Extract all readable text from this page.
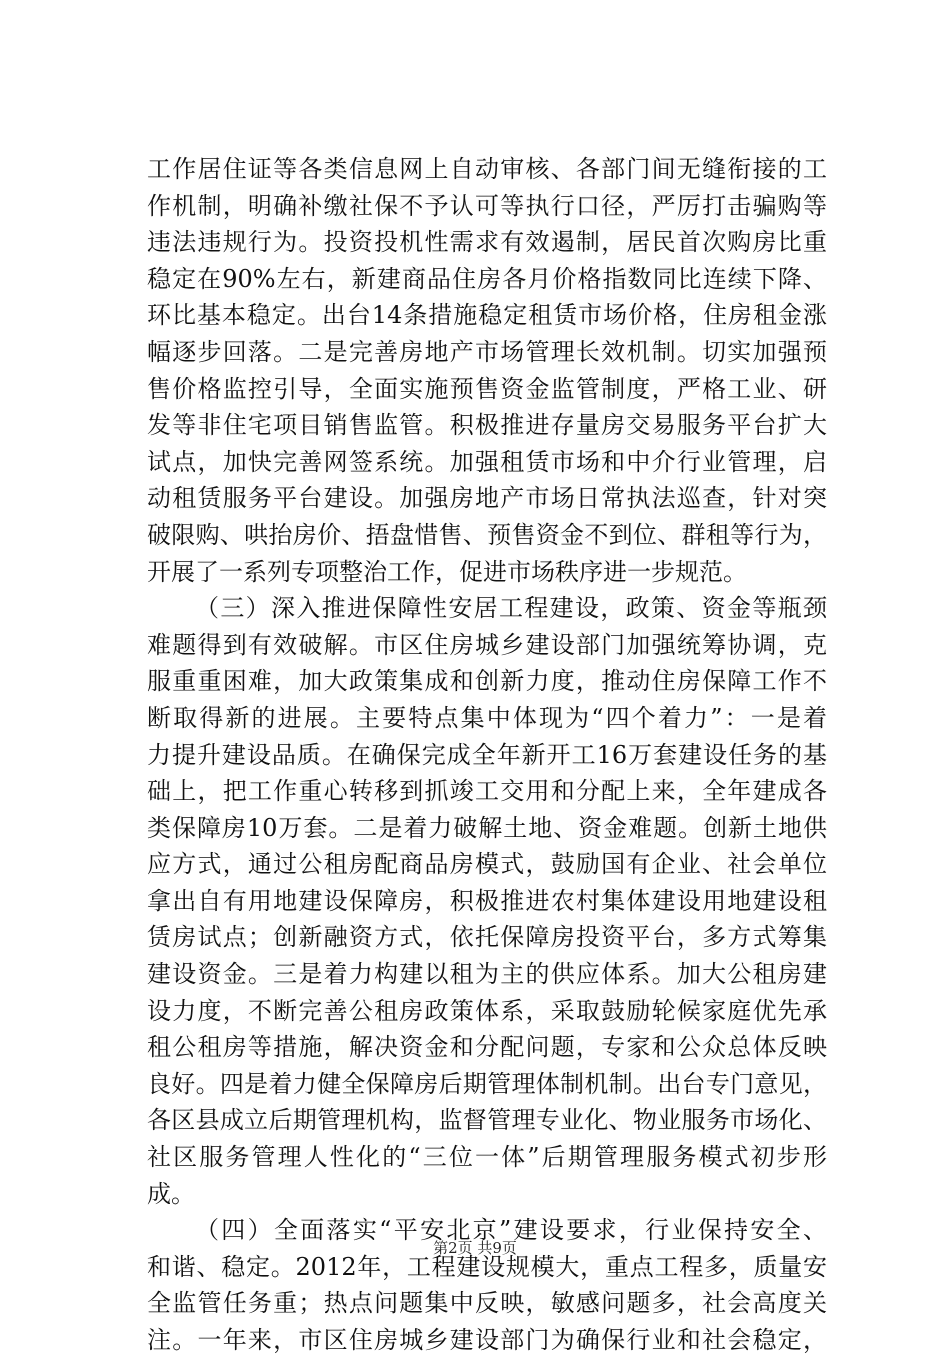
工作居住证等各类信息网上自动审核、各部门间无缝衔接的工
作机制，明确补缴社保不予认可等执行口径，严厉打击骗购等
违法违规行为。投资投机性需求有效遏制，居民首次购房比重
稳定在90%左右，新建商品住房各月价格指数同比连续下降、
环比基本稳定。出台14条措施稳定租赁市场价格，住房租金涨
幅逐步回落。二是完善房地产市场管理长效机制。切实加强预
售价格监控引导，全面实施预售资金监管制度，严格工业、研
发等非住宅项目销售监管。积极推进存量房交易服务平台扩大
试点，加快完善网签系统。加强租赁市场和中介行业管理，启
动租赁服务平台建设。加强房地产市场日常执法巡查，针对突
破限购、哄抬房价、捂盘惜售、预售资金不到位、群租等行为，
开展了一系列专项整治工作，促进市场秩序进一步规范。
（三）深入推进保障性安居工程建设，政策、资金等瓶颈
难题得到有效破解。市区住房城乡建设部门加强统筹协调，克
服重重困难，加大政策集成和创新力度，推动住房保障工作不
断取得新的进展。主要特点集中体现为“四个着力”：一是着
力提升建设品质。在确保完成全年新开工16万套建设任务的基
础上，把工作重心转移到抓竣工交用和分配上来，全年建成各
类保障房10万套。二是着力破解土地、资金难题。创新土地供
应方式，通过公租房配商品房模式，鼓励国有企业、社会单位
拿出自有用地建设保障房，积极推进农村集体建设用地建设租
赁房试点；创新融资方式，依托保障房投资平台，多方式筹集
建设资金。三是着力构建以租为主的供应体系。加大公租房建
设力度，不断完善公租房政策体系，采取鼓励轮候家庭优先承
租公租房等措施，解决资金和分配问题，专家和公众总体反映
良好。四是着力健全保障房后期管理体制机制。出台专门意见，
各区县成立后期管理机构，监督管理专业化、物业服务市场化、
社区服务管理人性化的“三位一体”后期管理服务模式初步形
成。
（四）全面落实“平安北京”建设要求，行业保持安全、
和谐、稳定。2012年，工程建设规模大，重点工程多，质量安
全监管任务重；热点问题集中反映，敏感问题多，社会高度关
注。一年来，市区住房城乡建设部门为确保行业和社会稳定，
第2页 共9页
